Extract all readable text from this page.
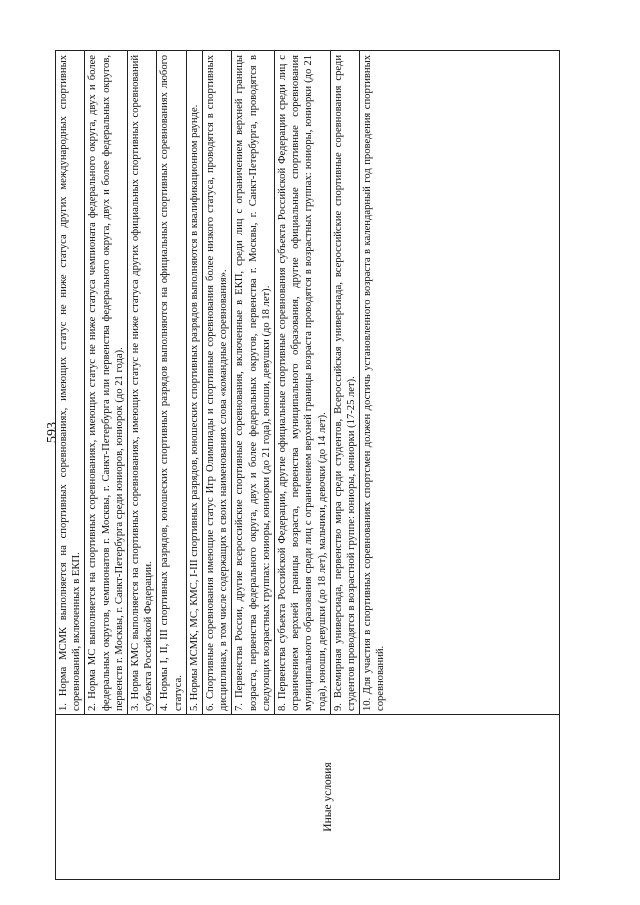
593
Иные условия

1. Норма МСМК выполняется на спортивных соревнованиях, имеющих статус не ниже статуса других международных спортивных соревнований, включенных в ЕКП. 2. Норма МС выполняется на спортивных соревнованиях, имеющих статус не ниже статуса чемпионата федерального округа, двух и более федеральных округов, чемпионатов г. Москвы, г. Санкт-Петербурга или первенства федерального округа, двух и более федеральных округов, первенств г. Москвы, г. Санкт-Петербурга среди юниоров, юниорок (до 21 года). 3. Норма КМС выполняется на спортивных соревнованиях, имеющих статус не ниже статуса других официальных спортивных соревнований субъекта Российской Федерации. 4. Нормы I, II, III спортивных разрядов, юношеских спортивных разрядов выполняются на официальных спортивных соревнованиях любого статуса. 5. Нормы МСМК, МС, КМС, I-III спортивных разрядов, юношеских спортивных разрядов выполняются в квалификационном раунде. 6. Спортивные соревнования имеющие статус Игр Олимпиады и спортивные соревнования более низкого статуса, проводятся в спортивных дисциплинах, в том числе содержащих в своих наименованиях слова «командные соревнования». 7. Первенства России, другие всероссийские спортивные соревнования, включенные в ЕКП, среди лиц с ограничением верхней границы возраста, первенства федерального округа, двух и более федеральных округов, первенства г. Москвы, г. Санкт-Петербурга, проводятся в следующих возрастных группах: юниоры, юниорки (до 21 года), юноши, девушки (до 18 лет). 8. Первенства субъекта Российской Федерации, другие официальные спортивные соревнования субъекта Российской Федерации среди лиц с ограничением верхней границы возраста, первенства муниципального образования, другие официальные спортивные соревнования муниципального образования среди лиц с ограничением верхней границы возраста проводятся в возрастных группах: юниоры, юниорки (до 21 года), юноши, девушки (до 18 лет), мальчики, девочки (до 14 лет). 9. Всемирная универсиада, первенство мира среди студентов, Всероссийская универсиада, всероссийские спортивные соревнования среди студентов проводятся в возрастной группе: юниоры, юниорки (17-25 лет). 10. Для участия в спортивных соревнованиях спортсмен должен достичь установленного возраста в календарный год проведения спортивных соревнований.
